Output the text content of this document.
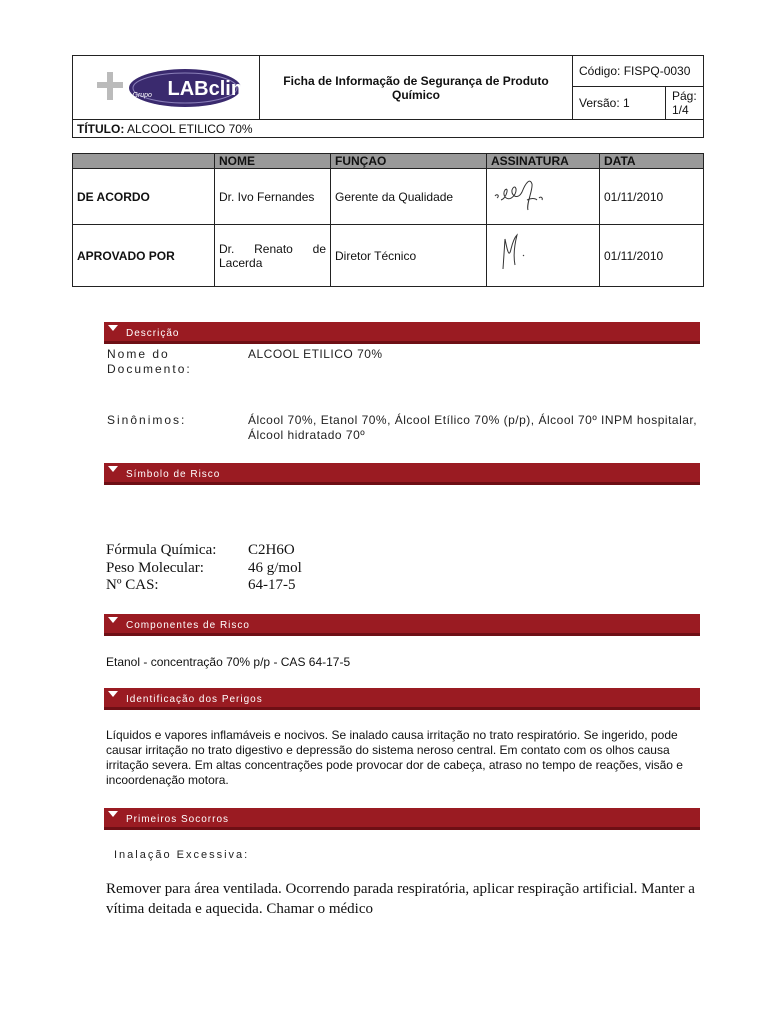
LABclim
Grupo	Ficha de Informação de Segurança de Produto Químico	Código: FISPQ-0030	
		Versão: 1	Pág: 1/4
TÍTULO: ALCOOL ETILICO 70%			
	NOME	FUNÇAO	ASSINATURA	DATA
DE ACORDO	Dr. Ivo Fernandes	Gerente da Qualidade		01/11/2010
APROVADO POR	Dr. Renato de Lacerda	Diretor Técnico		01/11/2010
Descrição
Nome do Documento:
ALCOOL ETILICO 70%
Sinônimos:	Álcool 70%, Etanol 70%, Álcool Etílico 70% (p/p), Álcool 70º INPM hospitalar, Álcool hidratado 70º
Símbolo de Risco
Fórmula Química: C2H6O
Peso Molecular:	46 g/mol
Nº CAS:	64-17-5
Componentes de Risco
Etanol - concentração 70% p/p - CAS 64-17-5
Identificação dos Perigos
Líquidos e vapores inflamáveis e nocivos. Se inalado causa irritação no trato respiratório. Se ingerido, pode causar irritação no trato digestivo e depressão do sistema neroso central. Em contato com os olhos causa irritação severa. Em altas concentrações pode provocar dor de cabeça, atraso no tempo de reações, visão e incoordenação motora.
Primeiros Socorros
Inalação Excessiva:
Remover para área ventilada. Ocorrendo parada respiratória, aplicar respiração artificial. Manter a vítima deitada e aquecida. Chamar o médico
